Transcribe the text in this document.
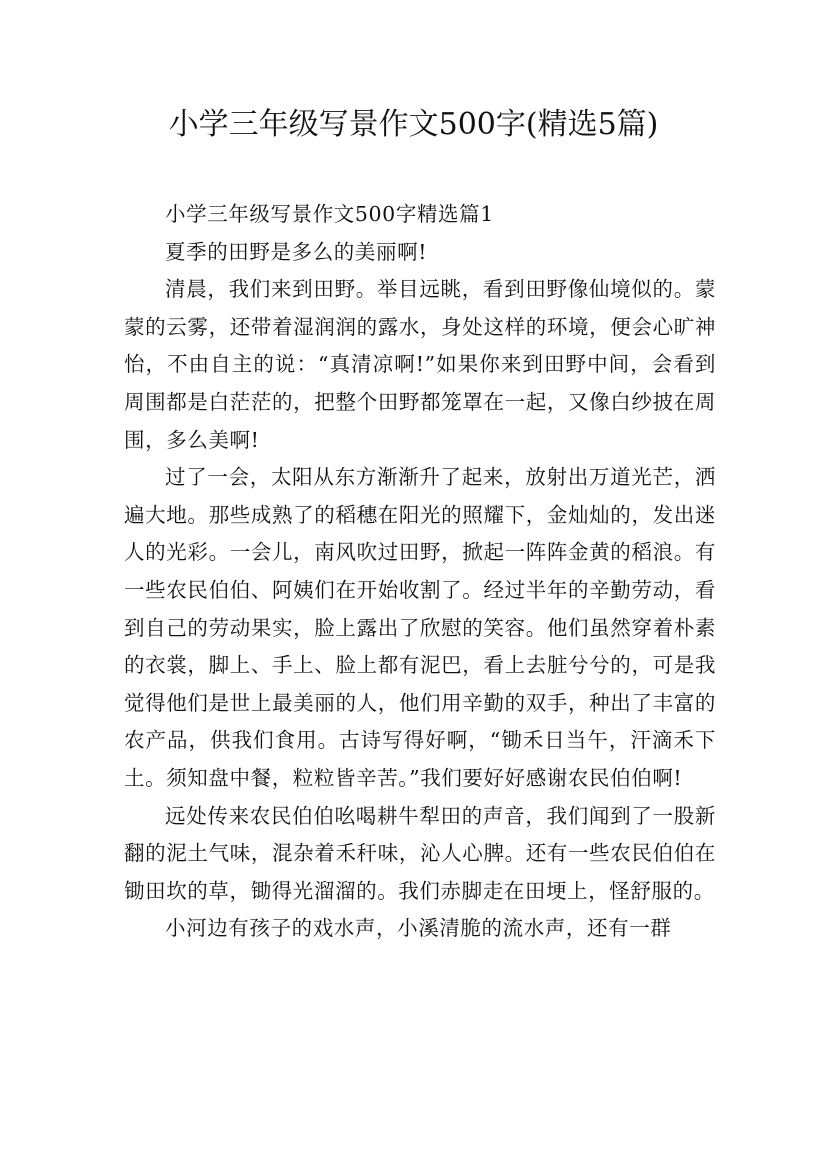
小学三年级写景作文500字(精选5篇)

小学三年级写景作文500字精选篇1

夏季的田野是多么的美丽啊!

清晨，我们来到田野。举目远眺，看到田野像仙境似的。蒙蒙的云雾，还带着湿润润的露水，身处这样的环境，便会心旷神怡，不由自主的说：“真清凉啊!”如果你来到田野中间，会看到周围都是白茫茫的，把整个田野都笼罩在一起，又像白纱披在周围，多么美啊!

过了一会，太阳从东方渐渐升了起来，放射出万道光芒，洒遍大地。那些成熟了的稻穗在阳光的照耀下，金灿灿的，发出迷人的光彩。一会儿，南风吹过田野，掀起一阵阵金黄的稻浪。有一些农民伯伯、阿姨们在开始收割了。经过半年的辛勤劳动，看到自己的劳动果实，脸上露出了欣慰的笑容。他们虽然穿着朴素的衣裳，脚上、手上、脸上都有泥巴，看上去脏兮兮的，可是我觉得他们是世上最美丽的人，他们用辛勤的双手，种出了丰富的农产品，供我们食用。古诗写得好啊，“锄禾日当午，汗滴禾下土。须知盘中餐，粒粒皆辛苦。”我们要好好感谢农民伯伯啊!

远处传来农民伯伯吆喝耕牛犁田的声音，我们闻到了一股新翻的泥土气味，混杂着禾秆味，沁人心脾。还有一些农民伯伯在锄田坎的草，锄得光溜溜的。我们赤脚走在田埂上，怪舒服的。

小河边有孩子的戏水声，小溪清脆的流水声，还有一群
